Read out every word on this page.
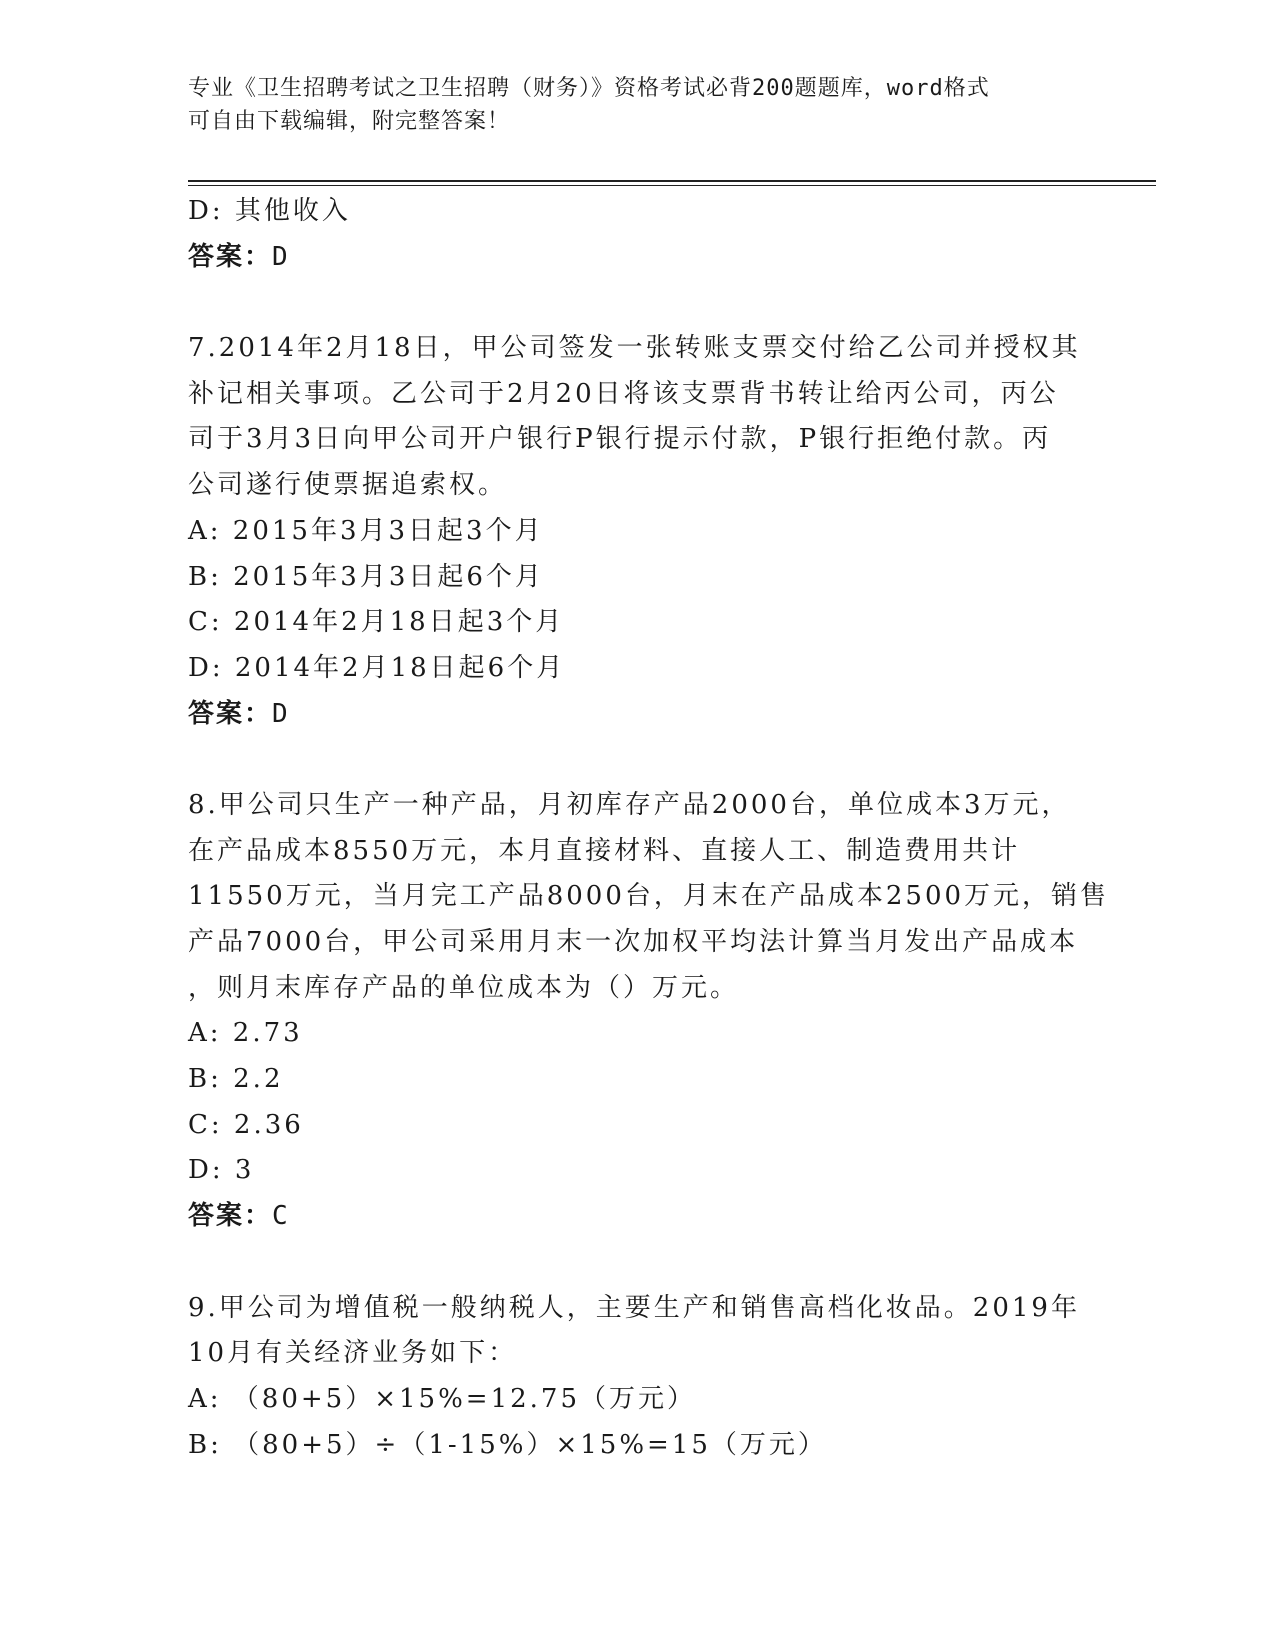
专业《卫生招聘考试之卫生招聘（财务）》资格考试必背200题题库，word格式
可自由下载编辑，附完整答案！
D: 其他收入
答案：D
7.2014年2月18日，甲公司签发一张转账支票交付给乙公司并授权其
补记相关事项。乙公司于2月20日将该支票背书转让给丙公司，丙公
司于3月3日向甲公司开户银行P银行提示付款，P银行拒绝付款。丙
公司遂行使票据追索权。
A: 2015年3月3日起3个月
B: 2015年3月3日起6个月
C: 2014年2月18日起3个月
D: 2014年2月18日起6个月
答案：D
8.甲公司只生产一种产品，月初库存产品2000台，单位成本3万元，
在产品成本8550万元，本月直接材料、直接人工、制造费用共计
11550万元，当月完工产品8000台，月末在产品成本2500万元，销售
产品7000台，甲公司采用月末一次加权平均法计算当月发出产品成本
，则月末库存产品的单位成本为（）万元。
A: 2.73
B: 2.2
C: 2.36
D: 3
答案：C
9.甲公司为增值税一般纳税人，主要生产和销售高档化妆品。2019年
10月有关经济业务如下：
A: （80+5）×15%=12.75（万元）
B: （80+5）÷（1-15%）×15%=15（万元）
